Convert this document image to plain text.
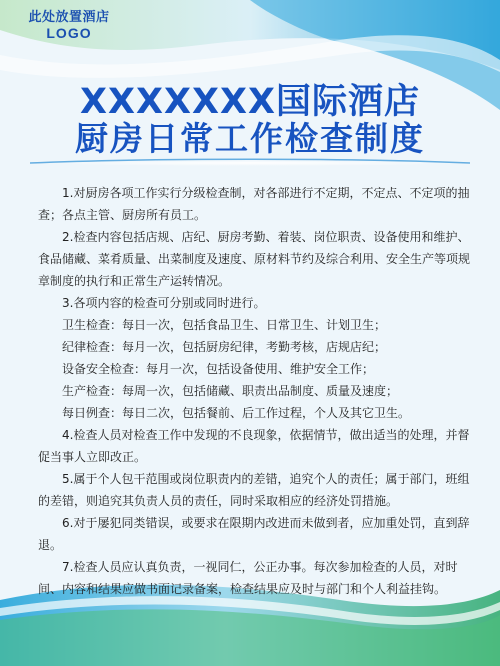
此处放置酒店
LOGO
XXXXXXX国际酒店
厨房日常工作检查制度

1.对厨房各项工作实行分级检查制，对各部进行不定期，不定点、不定项的抽查；各点主管、厨房所有员工。

2.检查内容包括店规、店纪、厨房考勤、着装、岗位职责、设备使用和维护、食品储藏、菜肴质量、出菜制度及速度、原材料节约及综合利用、安全生产等项规章制度的执行和正常生产运转情况。

3.各项内容的检查可分别或同时进行。

卫生检查：每日一次，包括食品卫生、日常卫生、计划卫生；

纪律检查：每月一次，包括厨房纪律，考勤考核，店规店纪；

设备安全检查：每月一次，包括设备使用、维护安全工作；

生产检查：每周一次，包括储藏、职责出品制度、质量及速度；

每日例查：每日二次，包括餐前、后工作过程，个人及其它卫生。

4.检查人员对检查工作中发现的不良现象，依据情节，做出适当的处理，并督促当事人立即改正。

5.属于个人包干范围或岗位职责内的差错，追究个人的责任；属于部门，班组的差错，则追究其负责人员的责任，同时采取相应的经济处罚措施。

6.对于屡犯同类错误，或要求在限期内改进而未做到者，应加重处罚，直到辞退。

7.检查人员应认真负责，一视同仁，公正办事。每次参加检查的人员，对时间、内容和结果应做书面记录备案，检查结果应及时与部门和个人利益挂钩。
